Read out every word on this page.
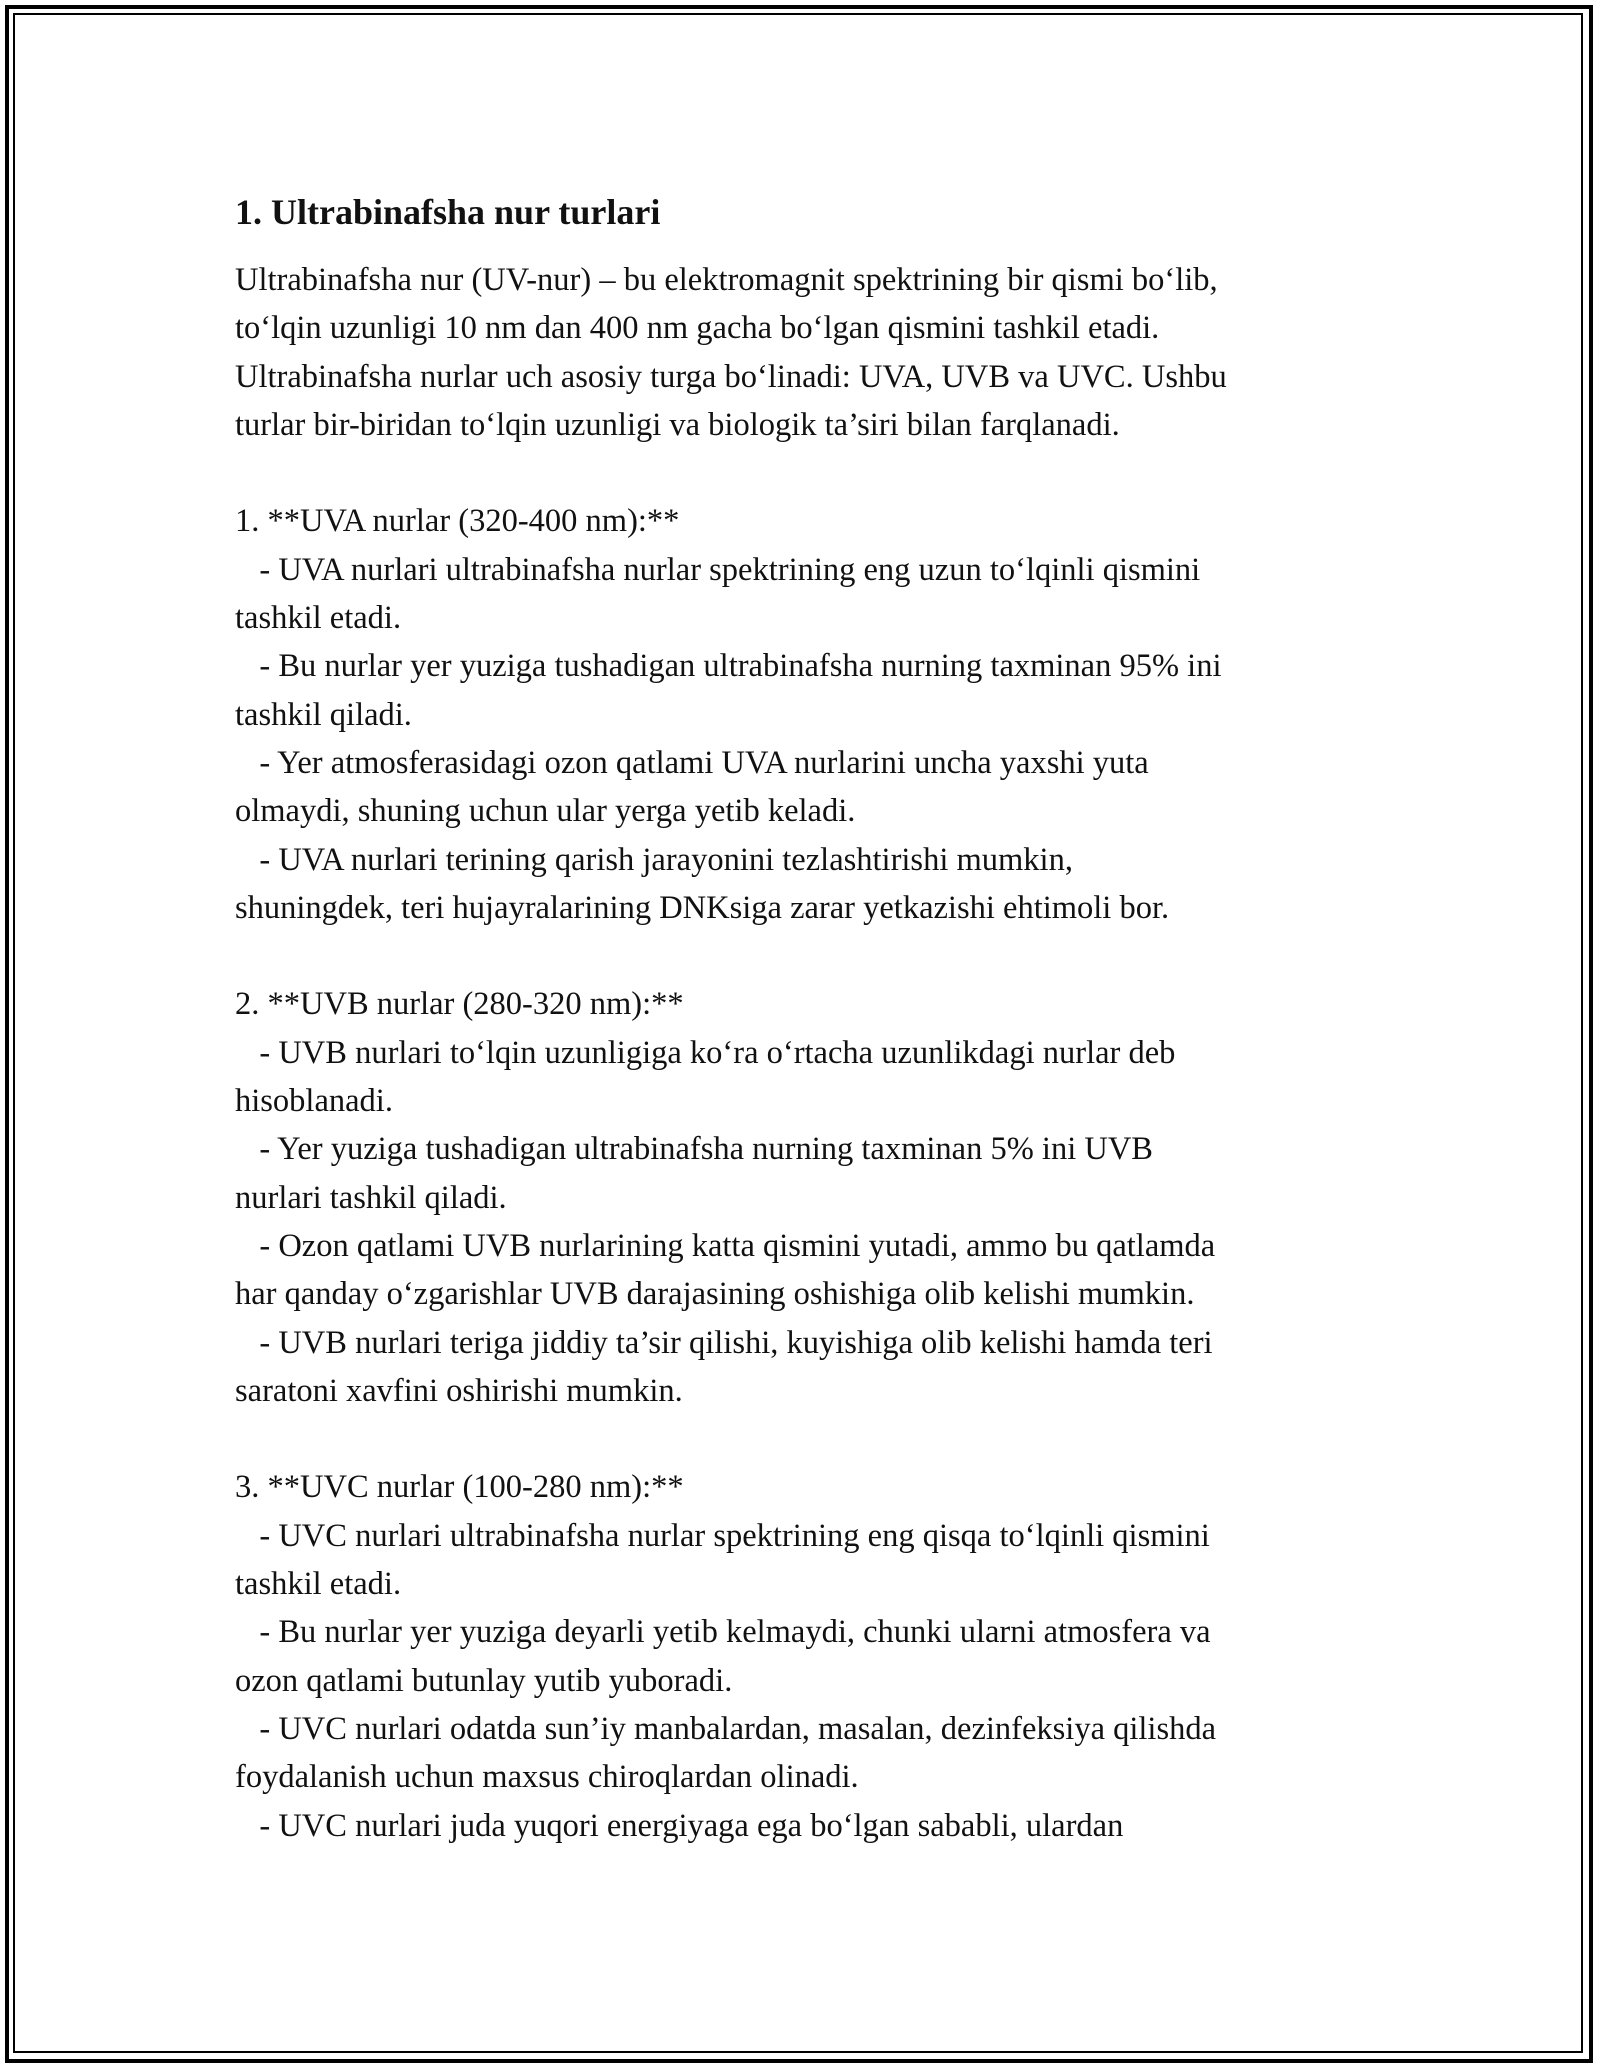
1. Ultrabinafsha nur turlari
Ultrabinafsha nur (UV-nur) – bu elektromagnit spektrining bir qismi bo‘lib,
to‘lqin uzunligi 10 nm dan 400 nm gacha bo‘lgan qismini tashkil etadi.
Ultrabinafsha nurlar uch asosiy turga bo‘linadi: UVA, UVB va UVC. Ushbu
turlar bir-biridan to‘lqin uzunligi va biologik ta’siri bilan farqlanadi.
1. **UVA nurlar (320-400 nm):**
- UVA nurlari ultrabinafsha nurlar spektrining eng uzun to‘lqinli qismini
tashkil etadi.
- Bu nurlar yer yuziga tushadigan ultrabinafsha nurning taxminan 95% ini
tashkil qiladi.
- Yer atmosferasidagi ozon qatlami UVA nurlarini uncha yaxshi yuta
olmaydi, shuning uchun ular yerga yetib keladi.
- UVA nurlari terining qarish jarayonini tezlashtirishi mumkin,
shuningdek, teri hujayralarining DNKsiga zarar yetkazishi ehtimoli bor.
2. **UVB nurlar (280-320 nm):**
- UVB nurlari to‘lqin uzunligiga ko‘ra o‘rtacha uzunlikdagi nurlar deb
hisoblanadi.
- Yer yuziga tushadigan ultrabinafsha nurning taxminan 5% ini UVB
nurlari tashkil qiladi.
- Ozon qatlami UVB nurlarining katta qismini yutadi, ammo bu qatlamda
har qanday o‘zgarishlar UVB darajasining oshishiga olib kelishi mumkin.
- UVB nurlari teriga jiddiy ta’sir qilishi, kuyishiga olib kelishi hamda teri
saratoni xavfini oshirishi mumkin.
3. **UVC nurlar (100-280 nm):**
- UVC nurlari ultrabinafsha nurlar spektrining eng qisqa to‘lqinli qismini
tashkil etadi.
- Bu nurlar yer yuziga deyarli yetib kelmaydi, chunki ularni atmosfera va
ozon qatlami butunlay yutib yuboradi.
- UVC nurlari odatda sun’iy manbalardan, masalan, dezinfeksiya qilishda
foydalanish uchun maxsus chiroqlardan olinadi.
- UVC nurlari juda yuqori energiyaga ega bo‘lgan sababli, ulardan
